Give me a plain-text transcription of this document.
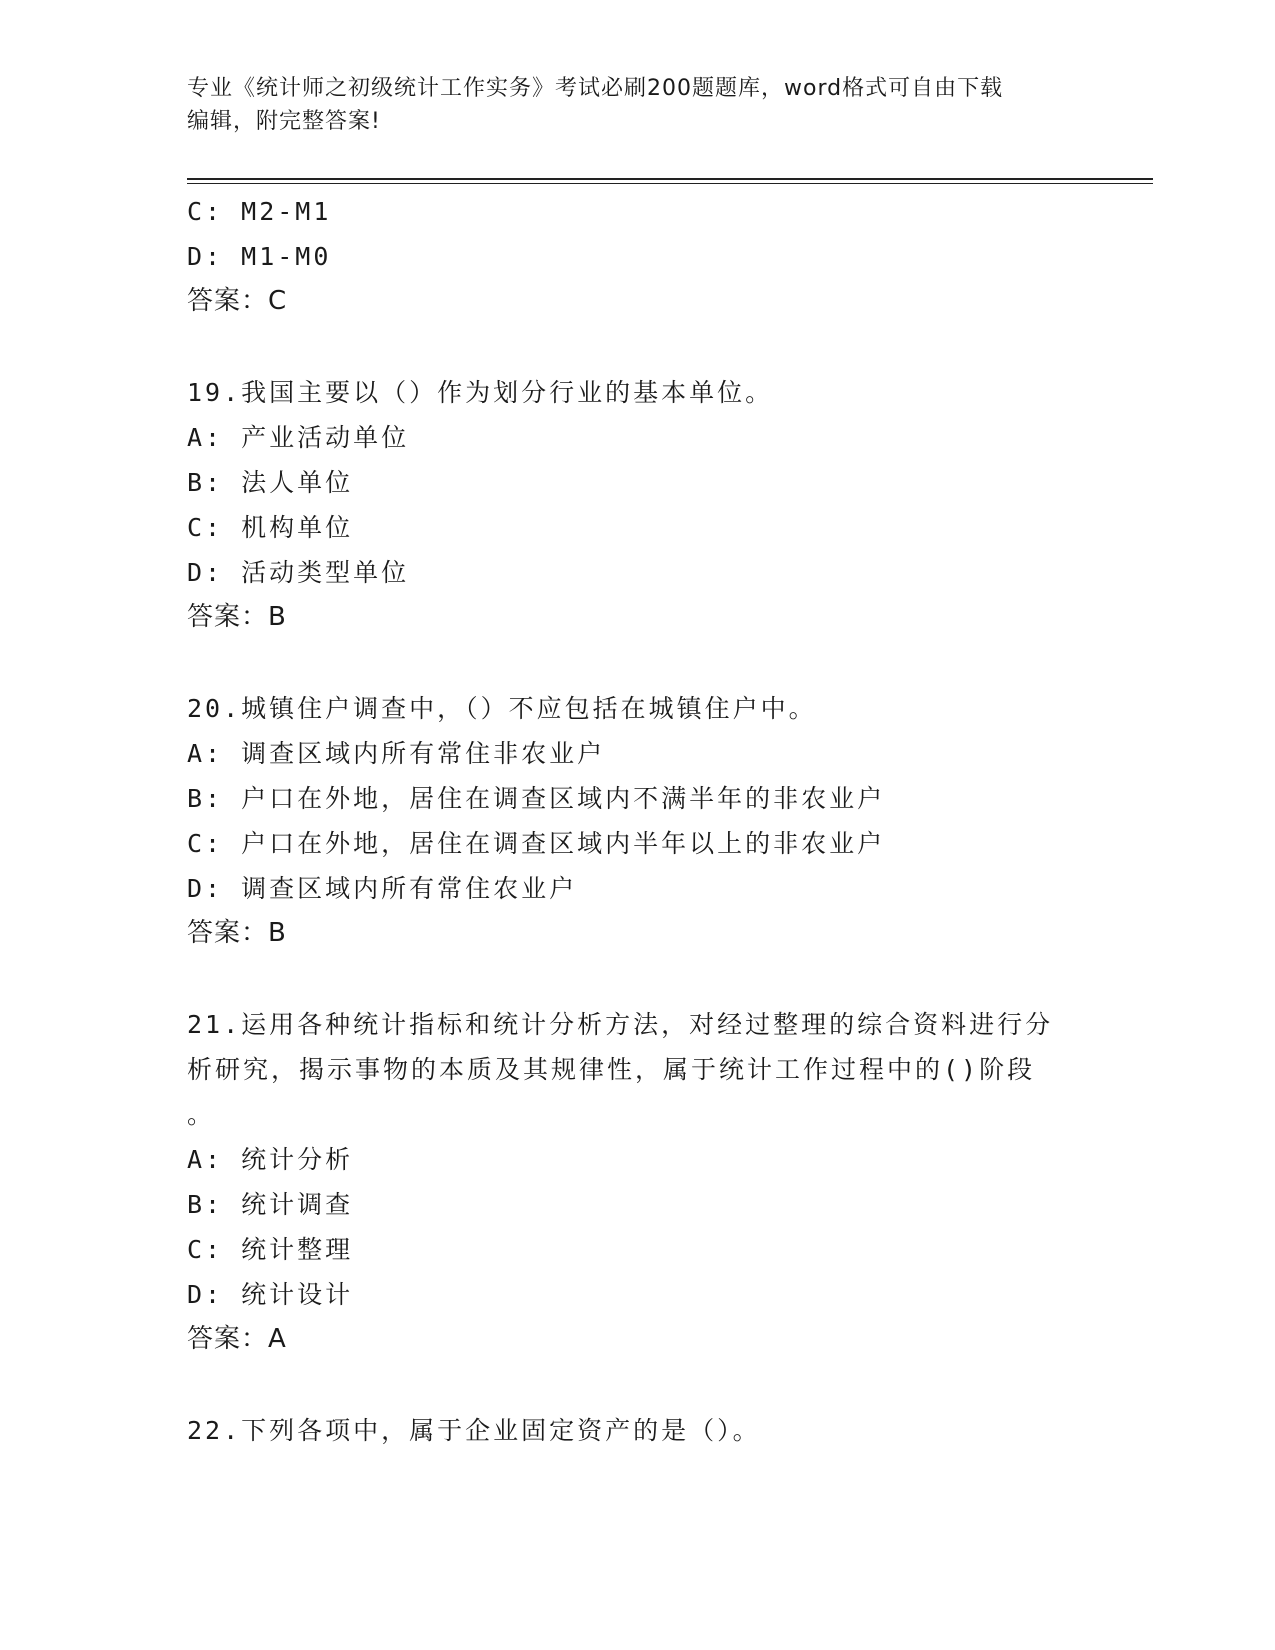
专业《统计师之初级统计工作实务》考试必刷200题题库，word格式可自由下载
编辑，附完整答案!

C: M2-M1

D: M1-M0

答案：C

19.我国主要以（）作为划分行业的基本单位。

A: 产业活动单位

B: 法人单位

C: 机构单位

D: 活动类型单位

答案：B

20.城镇住户调查中，（）不应包括在城镇住户中。

A: 调查区域内所有常住非农业户

B: 户口在外地，居住在调查区域内不满半年的非农业户

C: 户口在外地，居住在调查区域内半年以上的非农业户

D: 调查区域内所有常住农业户

答案：B

21.运用各种统计指标和统计分析方法，对经过整理的综合资料进行分

析研究，揭示事物的本质及其规律性，属于统计工作过程中的()阶段

。

A: 统计分析

B: 统计调查

C: 统计整理

D: 统计设计

答案：A

22.下列各项中，属于企业固定资产的是（）。
